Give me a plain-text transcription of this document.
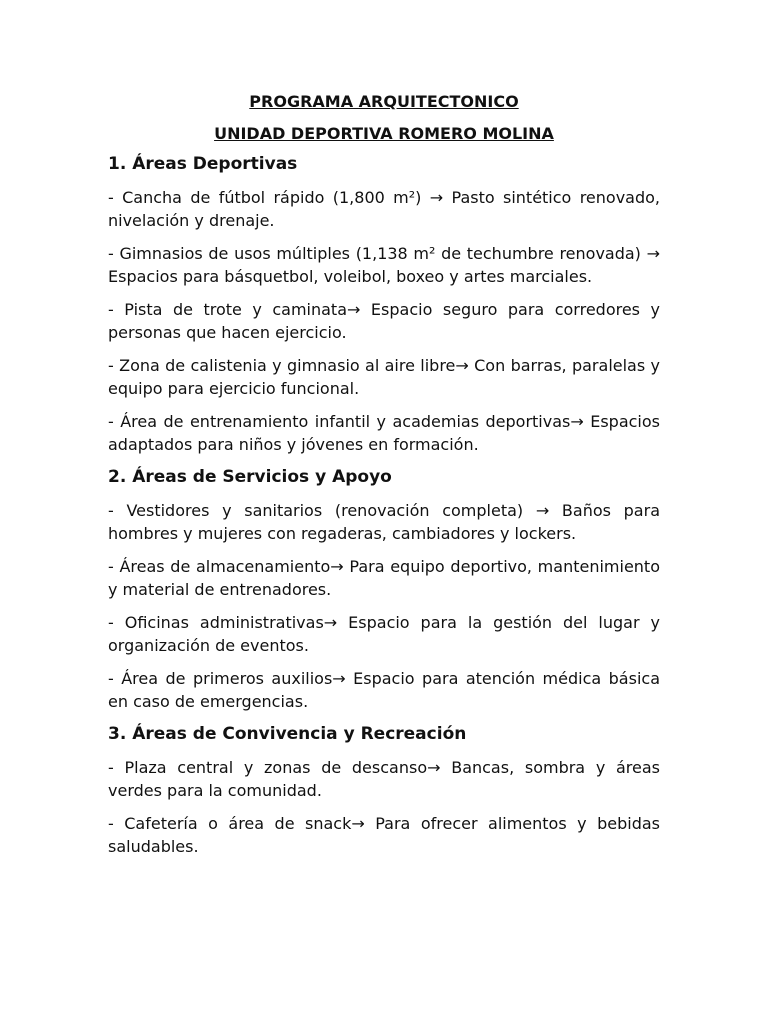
PROGRAMA ARQUITECTONICO
UNIDAD DEPORTIVA ROMERO MOLINA
1. Áreas Deportivas
- Cancha de fútbol rápido (1,800 m²) → Pasto sintético renovado, nivelación y drenaje.
- Gimnasios de usos múltiples (1,138 m² de techumbre renovada) → Espacios para básquetbol, voleibol, boxeo y artes marciales.
- Pista de trote y caminata→ Espacio seguro para corredores y personas que hacen ejercicio.
- Zona de calistenia y gimnasio al aire libre→ Con barras, paralelas y equipo para ejercicio funcional.
- Área de entrenamiento infantil y academias deportivas→ Espacios adaptados para niños y jóvenes en formación.
2. Áreas de Servicios y Apoyo
- Vestidores y sanitarios (renovación completa) → Baños para hombres y mujeres con regaderas, cambiadores y lockers.
- Áreas de almacenamiento→ Para equipo deportivo, mantenimiento y material de entrenadores.
- Oficinas administrativas→ Espacio para la gestión del lugar y organización de eventos.
- Área de primeros auxilios→ Espacio para atención médica básica en caso de emergencias.
3. Áreas de Convivencia y Recreación
- Plaza central y zonas de descanso→ Bancas, sombra y áreas verdes para la comunidad.
- Cafetería o área de snack→ Para ofrecer alimentos y bebidas saludables.
